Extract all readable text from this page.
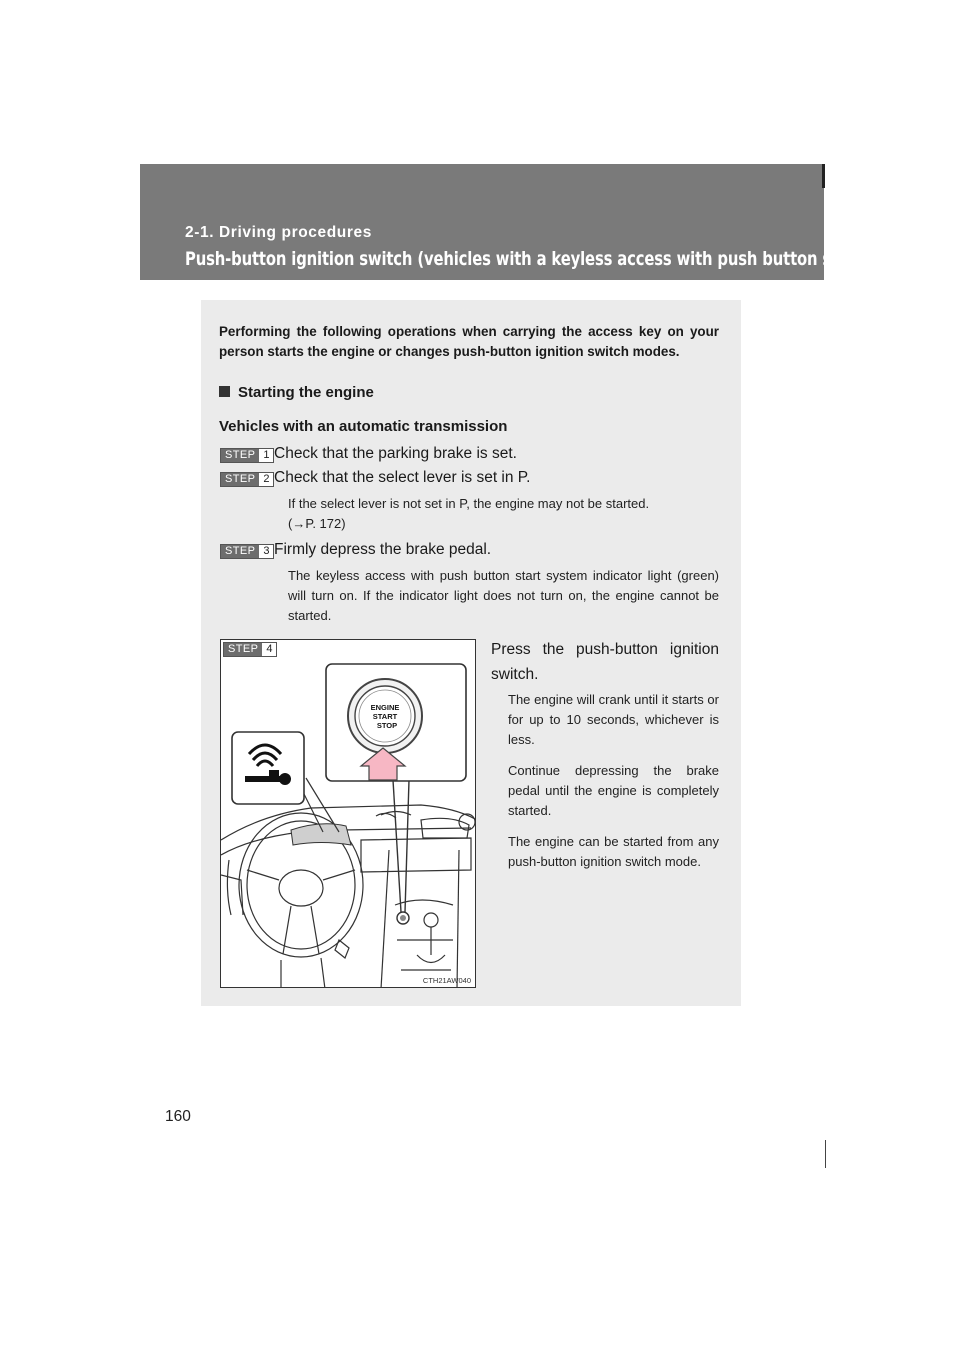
2-1. Driving procedures
Push-button ignition switch (vehicles with a keyless access with push button start system)
Performing the following operations when carrying the access key on your person starts the engine or changes push-button ignition switch modes.
Starting the engine
Vehicles with an automatic transmission
STEP 1 Check that the parking brake is set.
STEP 2 Check that the select lever is set in P.
If the select lever is not set in P, the engine may not be started.
(→P. 172)
STEP 3 Firmly depress the brake pedal.
The keyless access with push button start system indicator light (green) will turn on. If the indicator light does not turn on, the engine cannot be started.
STEP 4
ENGINE
START
STOP
CTH21AW040
Press the push-button ignition switch.

The engine will crank until it starts or for up to 10 seconds, whichever is less.

Continue depressing the brake pedal until the engine is completely started.

The engine can be started from any push-button ignition switch mode.

160
